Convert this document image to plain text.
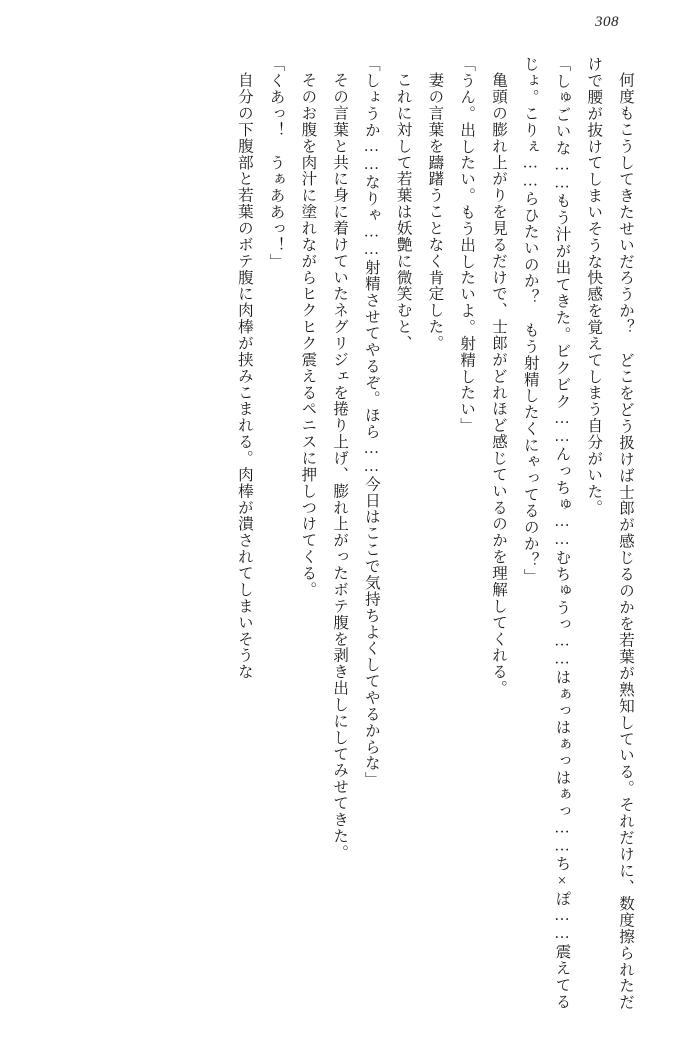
308

何度もこうしてきたせいだろうか？　どこをどう扱けば士郎が感じるのかを若葉が熟知している。それだけに、数度擦られただけで腰が抜けてしまいそうな快感を覚えてしまう自分がいた。

「しゅごいな……もう汁が出てきた。ビクビク……んっちゅ……むちゅうっ……はぁっはぁっはぁっ……ち×ぽ……震えてるじょ。こりぇ……らひたいのか？　もう射精したくにゃってるのか？」

亀頭の膨れ上がりを見るだけで、士郎がどれほど感じているのかを理解してくれる。

「うん。出したい。もう出したいよ。射精したい」

妻の言葉を躊躇うことなく肯定した。

これに対して若葉は妖艶に微笑むと、

「しょうか……なりゃ……射精させてやるぞ。ほら……今日はここで気持ちよくしてやるからな」

その言葉と共に身に着けていたネグリジェを捲り上げ、膨れ上がったボテ腹を剥き出しにしてみせてきた。

そのお腹を肉汁に塗れながらヒクヒク震えるペニスに押しつけてくる。

「くあっ！　うぁああっ！」

自分の下腹部と若葉のボテ腹に肉棒が挟みこまれる。肉棒が潰されてしまいそうな
